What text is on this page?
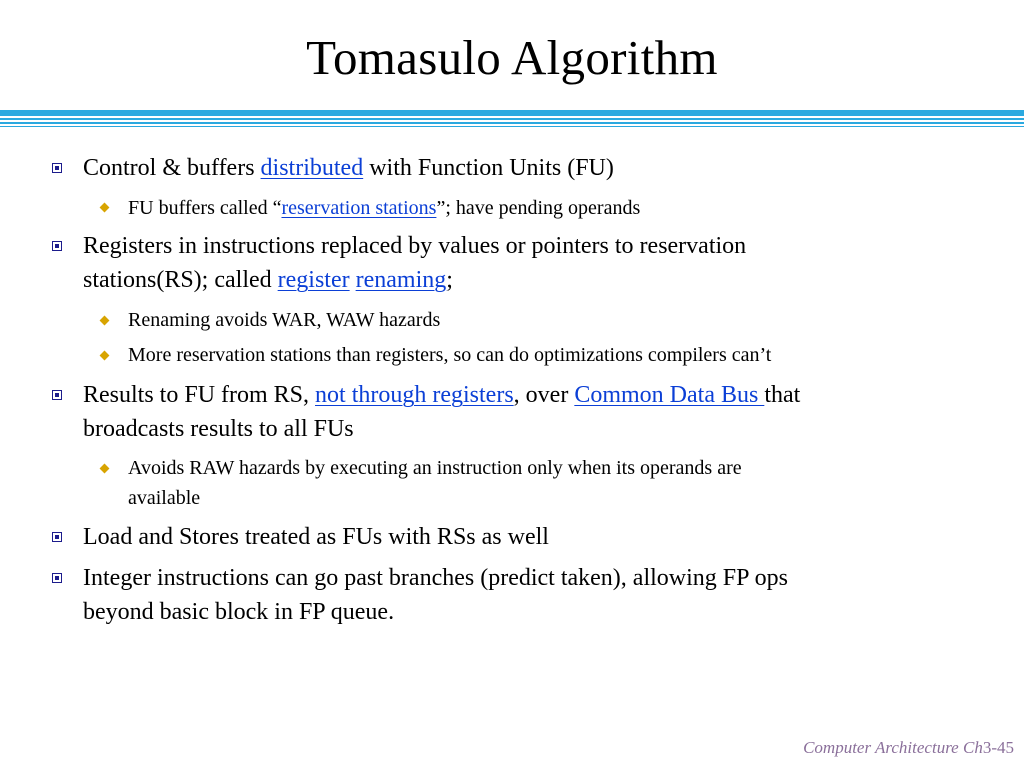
Tomasulo Algorithm
Control & buffers distributed with Function Units (FU)
FU buffers called “reservation stations”; have pending operands
Registers in instructions replaced by values or pointers to reservation
stations(RS); called register renaming;
Renaming avoids WAR, WAW hazards
More reservation stations than registers, so can do optimizations compilers can’t
Results to FU from RS, not through registers, over Common Data Bus that
broadcasts results to all FUs
Avoids RAW hazards by executing an instruction only when its operands are
available
Load and Stores treated as FUs with RSs as well
Integer instructions can go past branches (predict taken), allowing FP ops
beyond basic block in FP queue.
Computer Architecture Ch3-45
